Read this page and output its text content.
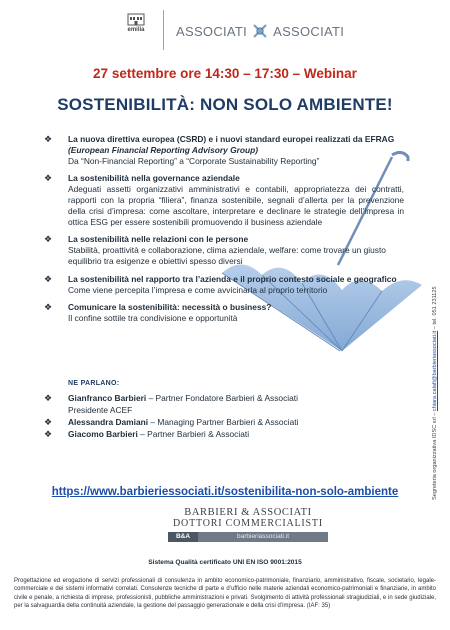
emilia	ASSOCIATI ASSOCIATI
27 settembre ore 14:30 – 17:30 – Webinar
SOSTENIBILITÀ: NON SOLO AMBIENTE!
❖ La nuova direttiva europea (CSRD) e i nuovi standard europei realizzati da EFRAG (European Financial Reporting Advisory Group)
Da “Non-Financial Reporting” a “Corporate Sustainability Reporting”
❖ La sostenibilità nella governance aziendale

Adeguati assetti organizzativi amministrativi e contabili, appropriatezza dei contratti, rapporti con la propria “filiera”, finanza sostenibile, segnali d’allerta per la prevenzione della crisi d’impresa: come ascoltare, interpretare e declinare le strategie dell’impresa in ottica ESG per essere sostenibili promuovendo il business aziendale
❖ La sostenibilità nelle relazioni con le persone
Stabilità, proattività e collaborazione, clima aziendale, welfare: come trovare un giusto equilibrio tra esigenze e obiettivi spesso diversi
❖ La sostenibilità nel rapporto tra l’azienda e il proprio contesto sociale e geografico
Come viene percepita l’impresa e come avvicinarla al proprio territorio
❖ Comunicare la sostenibilità: necessità o business?
Il confine sottile tra condivisione e opportunità
NE PARLANO:
❖ Gianfranco Barbieri – Partner Fondatore Barbieri & Associati
Presidente ACEF
❖ Alessandra Damiani – Managing Partner Barbieri & Associati
❖ Giacomo Barbieri – Partner Barbieri & Associati
https://www.barbieriessociati.it/sostenibilita-non-solo-ambiente
BARBIERI & ASSOCIATI
DOTTORI COMMERCIALISTI
B&A	barbieriassociati.it
Sistema Qualità certificato UNI EN ISO 9001:2015
Progettazione ed erogazione di servizi professionali di consulenza in ambito economico-patrimoniale, finanziario, amministrativo, fiscale, societario, legale-commerciale e dei sistemi informativi correlati. Consulenze tecniche di parte e d’ufficio nelle materie aziendali economico-patrimoniali e finanziarie, in ambito civile e penale, a richiesta di imprese, professionisti, pubbliche amministrazioni e privati. Svolgimento di attività professionali stragiudiziali, e in sede giudiziale, per la salvaguardia della continuità aziendale, la gestione del passaggio generazionale e della crisi d’impresa. (IAF: 35)
Segreteria organizzativa IDSC srl – chiara.calafi@barbieriassociati.it – tel. 051 231125
